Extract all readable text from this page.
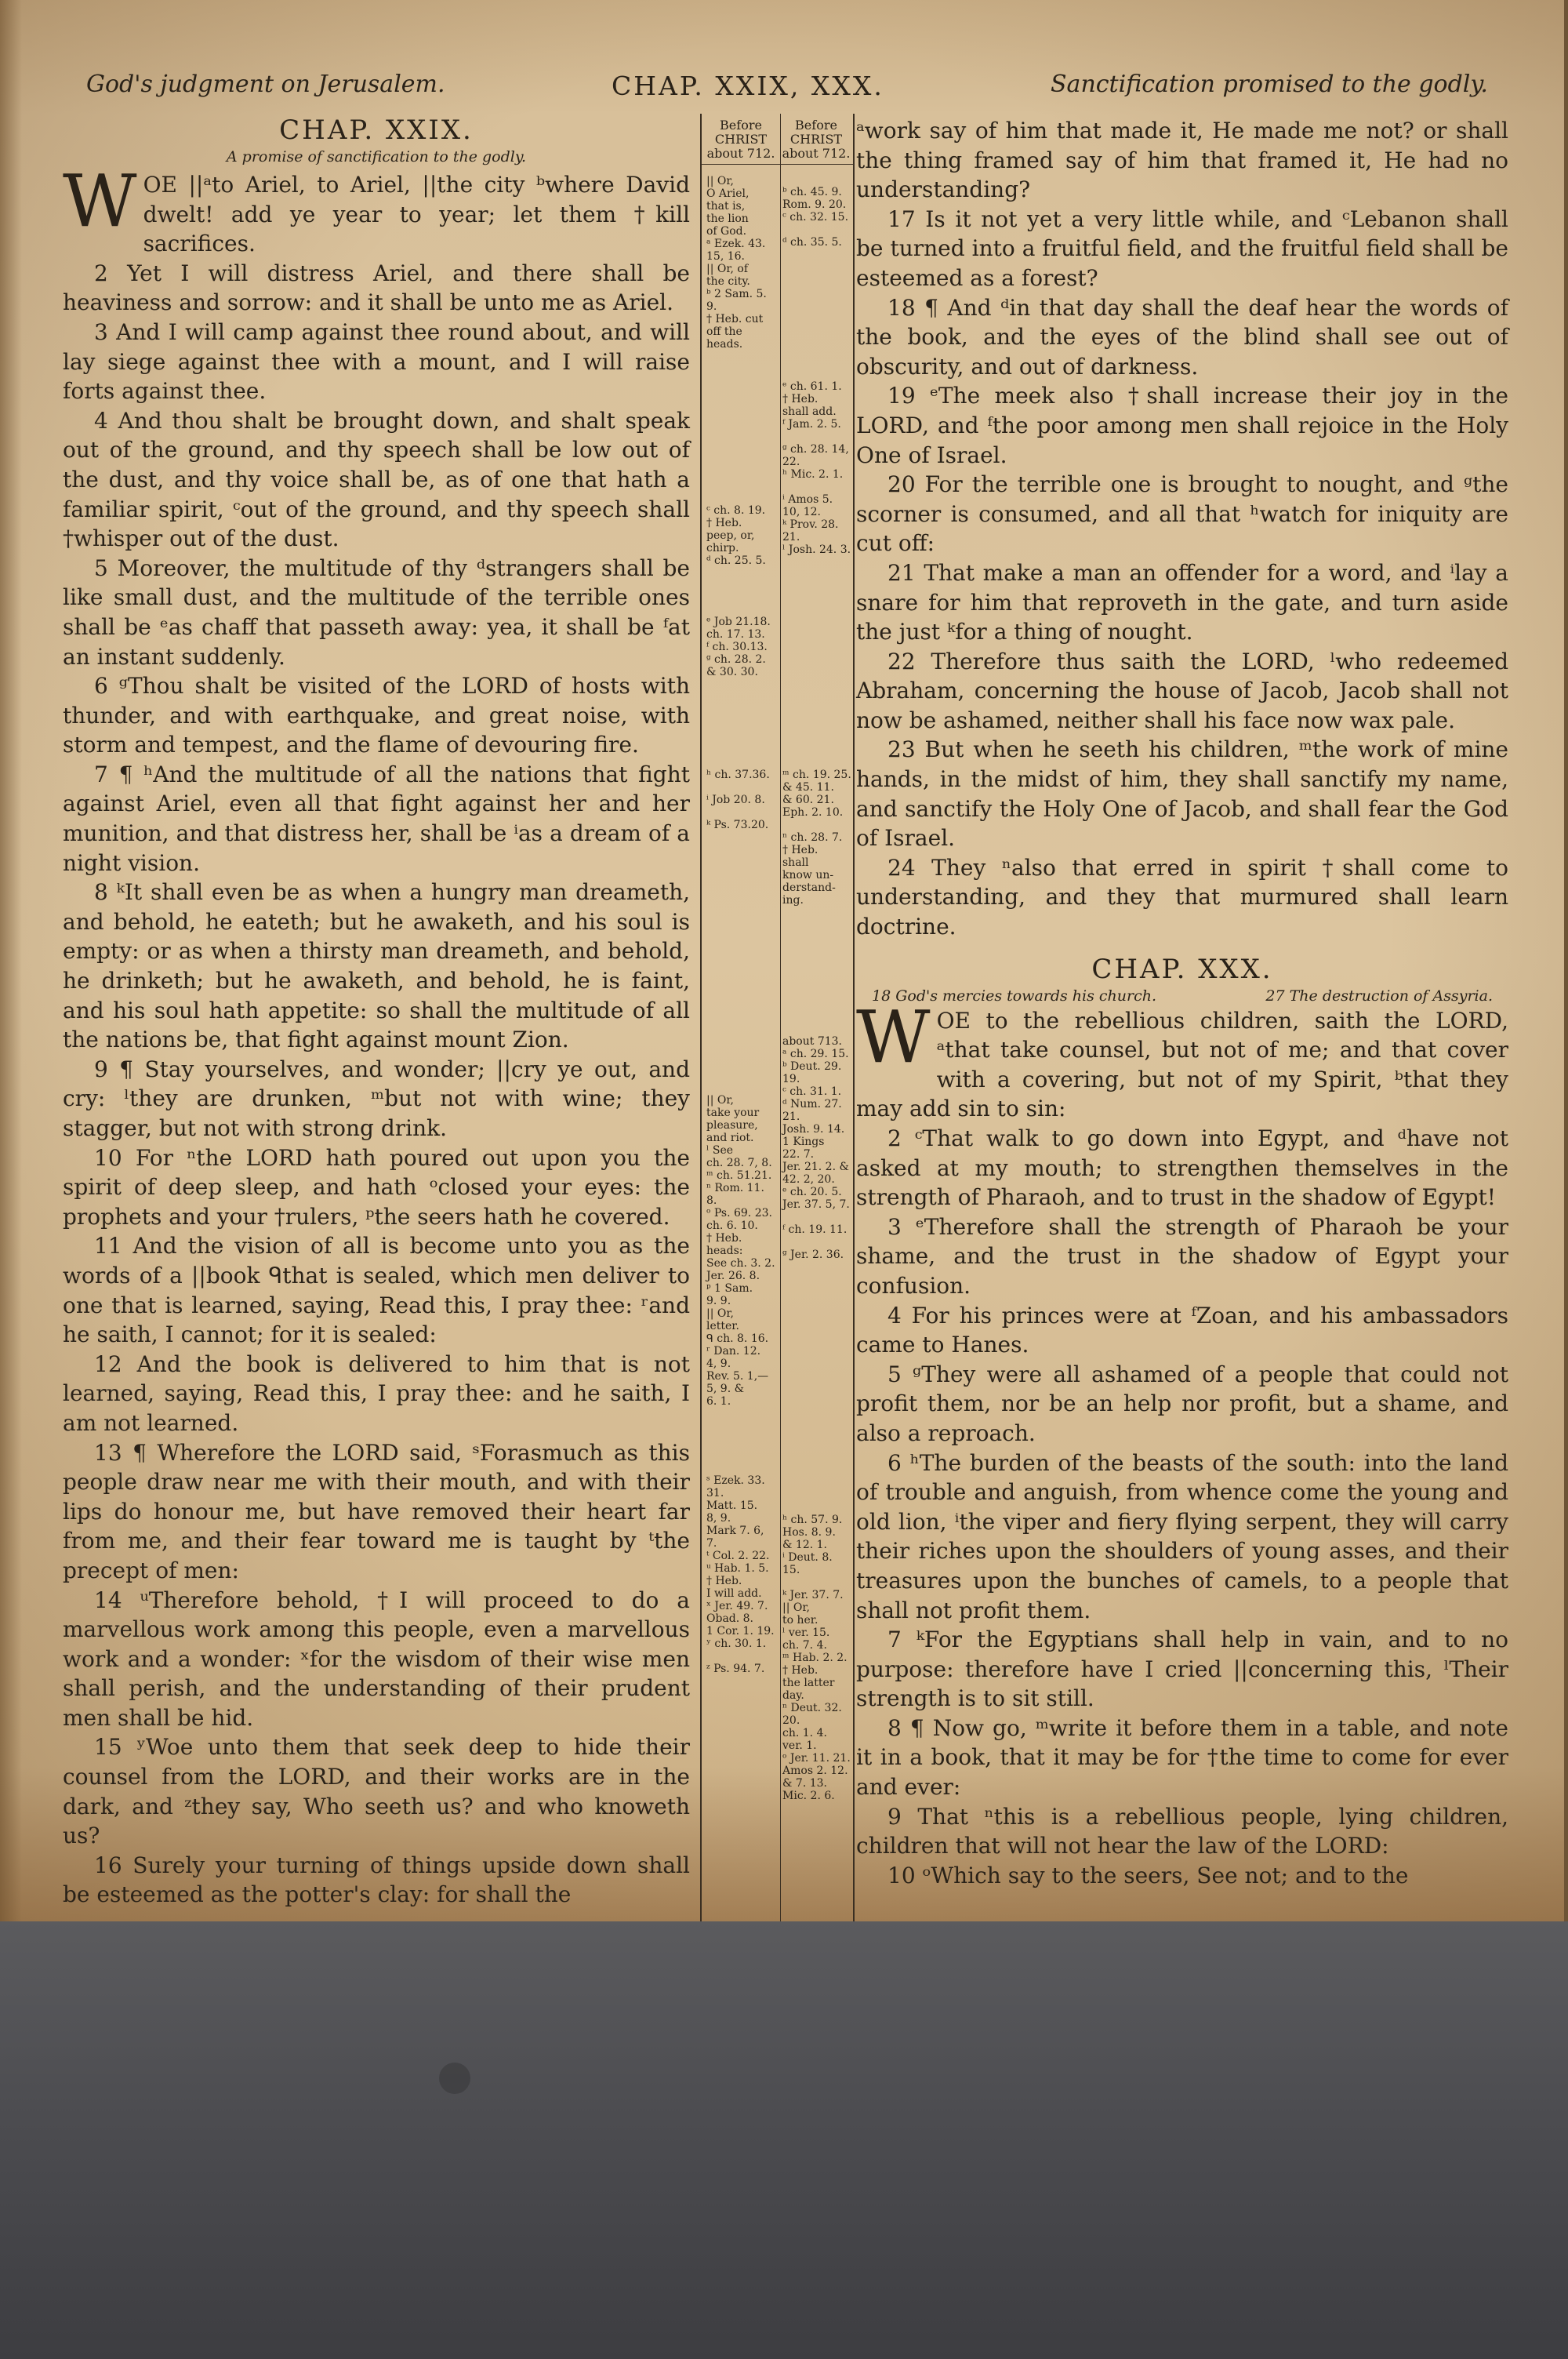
God's judgment on Jerusalem.	CHAP. XXIX, XXX.	Sanctification promised to the godly.

CHAP. XXIX.

A promise of sanctification to the godly.

WOE ||ᵃto Ariel, to Ariel, ||the city ᵇwhere David dwelt! add ye year to year; let them †kill sacrifices.

2 Yet I will distress Ariel, and there shall be heaviness and sorrow: and it shall be unto me as Ariel.

3 And I will camp against thee round about, and will lay siege against thee with a mount, and I will raise forts against thee.

4 And thou shalt be brought down, and shalt speak out of the ground, and thy speech shall be low out of the dust, and thy voice shall be, as of one that hath a familiar spirit, ᶜout of the ground, and thy speech shall †whisper out of the dust.

5 Moreover, the multitude of thy ᵈstrangers shall be like small dust, and the multitude of the terrible ones shall be ᵉas chaff that passeth away: yea, it shall be ᶠat an instant suddenly.

6 ᵍThou shalt be visited of the LORD of hosts with thunder, and with earthquake, and great noise, with storm and tempest, and the flame of devouring fire.

7 ¶ ʰAnd the multitude of all the nations that fight against Ariel, even all that fight against her and her munition, and that distress her, shall be ⁱas a dream of a night vision.

8 ᵏIt shall even be as when a hungry man dreameth, and behold, he eateth; but he awaketh, and his soul is empty: or as when a thirsty man dreameth, and behold, he drinketh; but he awaketh, and behold, he is faint, and his soul hath appetite: so shall the multitude of all the nations be, that fight against mount Zion.

9 ¶ Stay yourselves, and wonder; ||cry ye out, and cry: ˡthey are drunken, ᵐbut not with wine; they stagger, but not with strong drink.

10 For ⁿthe LORD hath poured out upon you the spirit of deep sleep, and hath ᵒclosed your eyes: the prophets and your †rulers, ᵖthe seers hath he covered.

11 And the vision of all is become unto you as the words of a ||book ᑫthat is sealed, which men deliver to one that is learned, saying, Read this, I pray thee: ʳand he saith, I cannot; for it is sealed:

12 And the book is delivered to him that is not learned, saying, Read this, I pray thee: and he saith, I am not learned.

13 ¶ Wherefore the LORD said, ˢForasmuch as this people draw near me with their mouth, and with their lips do honour me, but have removed their heart far from me, and their fear toward me is taught by ᵗthe precept of men:

14 ᵘTherefore behold, †I will proceed to do a marvellous work among this people, even a marvellous work and a wonder: ˣfor the wisdom of their wise men shall perish, and the understanding of their prudent men shall be hid.

15 ʸWoe unto them that seek deep to hide their counsel from the LORD, and their works are in the dark, and ᶻthey say, Who seeth us? and who knoweth us?

16 Surely your turning of things upside down shall be esteemed as the potter's clay: for shall the

Before
CHRIST
about 712.
|| Or,
O Ariel,
that is,
the lion
of God.
ᵃ Ezek. 43.
15, 16.
|| Or, of
the city.
ᵇ 2 Sam. 5.
9.
† Heb. cut
off the
heads.
ᶜ ch. 8. 19.
† Heb.
peep, or,
chirp.
ᵈ ch. 25. 5.
ᵉ Job 21.18.
ch. 17. 13.
ᶠ ch. 30.13.
ᵍ ch. 28. 2.
& 30. 30.
ʰ ch. 37.36.

ⁱ Job 20. 8.

ᵏ Ps. 73.20.
|| Or,
take your
pleasure,
and riot.
ˡ See
ch. 28. 7, 8.
ᵐ ch. 51.21.
ⁿ Rom. 11.
8.
ᵒ Ps. 69. 23.
ch. 6. 10.
† Heb.
heads:
See ch. 3. 2.
Jer. 26. 8.
ᵖ 1 Sam.
9. 9.
|| Or,
letter.
ᑫ ch. 8. 16.
ʳ Dan. 12.
4, 9.
Rev. 5. 1,—
5, 9. &
6. 1.
ˢ Ezek. 33.
31.
Matt. 15.
8, 9.
Mark 7. 6,
7.
ᵗ Col. 2. 22.
ᵘ Hab. 1. 5.
† Heb.
I will add.
ˣ Jer. 49. 7.
Obad. 8.
1 Cor. 1. 19.
ʸ ch. 30. 1.

ᶻ Ps. 94. 7.
Before
CHRIST
about 712.
ᵇ ch. 45. 9.
Rom. 9. 20.
ᶜ ch. 32. 15.

ᵈ ch. 35. 5.
ᵉ ch. 61. 1.
† Heb.
shall add.
ᶠ Jam. 2. 5.

ᵍ ch. 28. 14,
22.
ʰ Mic. 2. 1.

ⁱ Amos 5.
10, 12.
ᵏ Prov. 28.
21.
ˡ Josh. 24. 3.
ᵐ ch. 19. 25.
& 45. 11.
& 60. 21.
Eph. 2. 10.

ⁿ ch. 28. 7.
† Heb.
shall
know un-
derstand-
ing.
about 713.
ᵃ ch. 29. 15.
ᵇ Deut. 29.
19.
ᶜ ch. 31. 1.
ᵈ Num. 27.
21.
Josh. 9. 14.
1 Kings
22. 7.
Jer. 21. 2. &
42. 2, 20.
ᵉ ch. 20. 5.
Jer. 37. 5, 7.

ᶠ ch. 19. 11.

ᵍ Jer. 2. 36.
ʰ ch. 57. 9.
Hos. 8. 9.
& 12. 1.
ⁱ Deut. 8.
15.

ᵏ Jer. 37. 7.
|| Or,
to her.
ˡ ver. 15.
ch. 7. 4.
ᵐ Hab. 2. 2.
† Heb.
the latter
day.
ⁿ Deut. 32.
20.
ch. 1. 4.
ver. 1.
ᵒ Jer. 11. 21.
Amos 2. 12.
& 7. 13.
Mic. 2. 6.

ᵃwork say of him that made it, He made me not? or shall the thing framed say of him that framed it, He had no understanding?

17 Is it not yet a very little while, and ᶜLebanon shall be turned into a fruitful field, and the fruitful field shall be esteemed as a forest?

18 ¶ And ᵈin that day shall the deaf hear the words of the book, and the eyes of the blind shall see out of obscurity, and out of darkness.

19 ᵉThe meek also †shall increase their joy in the LORD, and ᶠthe poor among men shall rejoice in the Holy One of Israel.

20 For the terrible one is brought to nought, and ᵍthe scorner is consumed, and all that ʰwatch for iniquity are cut off:

21 That make a man an offender for a word, and ⁱlay a snare for him that reproveth in the gate, and turn aside the just ᵏfor a thing of nought.

22 Therefore thus saith the LORD, ˡwho redeemed Abraham, concerning the house of Jacob, Jacob shall not now be ashamed, neither shall his face now wax pale.

23 But when he seeth his children, ᵐthe work of mine hands, in the midst of him, they shall sanctify my name, and sanctify the Holy One of Jacob, and shall fear the God of Israel.

24 They ⁿalso that erred in spirit †shall come to understanding, and they that murmured shall learn doctrine.

CHAP. XXX.

18 God's mercies towards his church.	27 The destruction of Assyria.

WOE to the rebellious children, saith the LORD, ᵃthat take counsel, but not of me; and that cover with a covering, but not of my Spirit, ᵇthat they may add sin to sin:

2 ᶜThat walk to go down into Egypt, and ᵈhave not asked at my mouth; to strengthen themselves in the strength of Pharaoh, and to trust in the shadow of Egypt!

3 ᵉTherefore shall the strength of Pharaoh be your shame, and the trust in the shadow of Egypt your confusion.

4 For his princes were at ᶠZoan, and his ambassadors came to Hanes.

5 ᵍThey were all ashamed of a people that could not profit them, nor be an help nor profit, but a shame, and also a reproach.

6 ʰThe burden of the beasts of the south: into the land of trouble and anguish, from whence come the young and old lion, ⁱthe viper and fiery flying serpent, they will carry their riches upon the shoulders of young asses, and their treasures upon the bunches of camels, to a people that shall not profit them.

7 ᵏFor the Egyptians shall help in vain, and to no purpose: therefore have I cried ||concerning this, ˡTheir strength is to sit still.

8 ¶ Now go, ᵐwrite it before them in a table, and note it in a book, that it may be for †the time to come for ever and ever:

9 That ⁿthis is a rebellious people, lying children, children that will not hear the law of the LORD:

10 ᵒWhich say to the seers, See not; and to the
